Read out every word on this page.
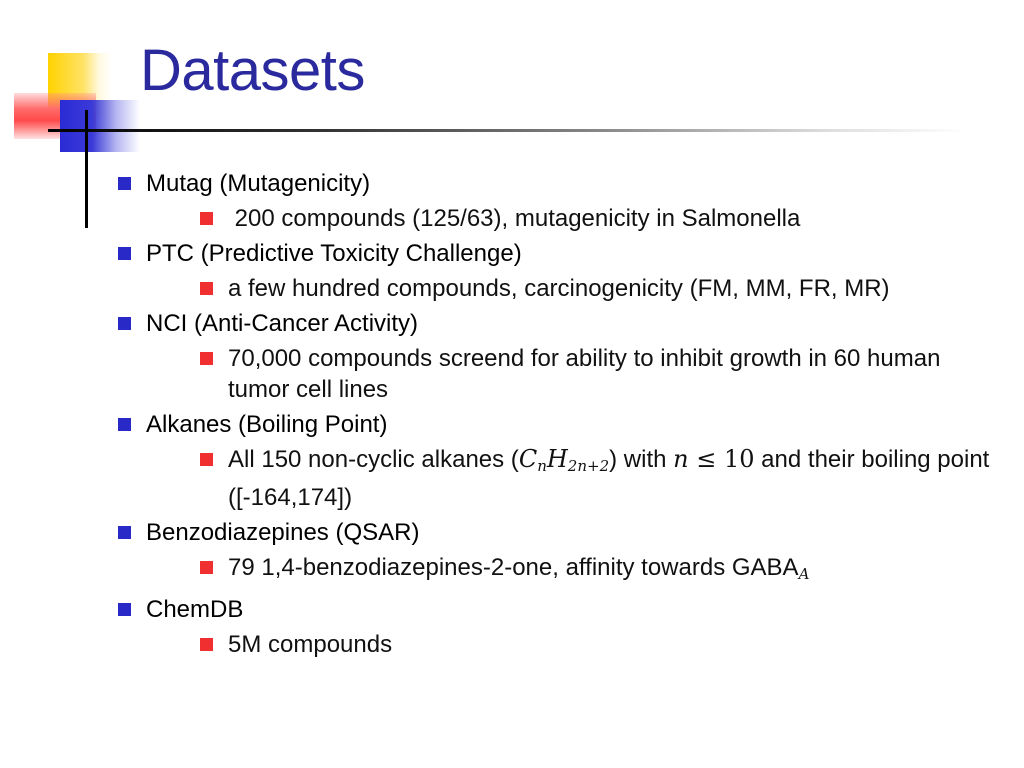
Datasets
Mutag (Mutagenicity)
200 compounds (125/63), mutagenicity in Salmonella
PTC (Predictive Toxicity Challenge)
a few hundred compounds, carcinogenicity (FM, MM, FR, MR)
NCI (Anti-Cancer Activity)
70,000 compounds screend for ability to inhibit growth in 60 human tumor cell lines
Alkanes (Boiling Point)
All 150 non-cyclic alkanes $(C_nH_{2n+2})$ with n ≤ 10 and their boiling point ([-164,174])
Benzodiazepines (QSAR)
79 1,4-benzodiazepines-2-one, affinity towards $GABA_A$
ChemDB
5M compounds
